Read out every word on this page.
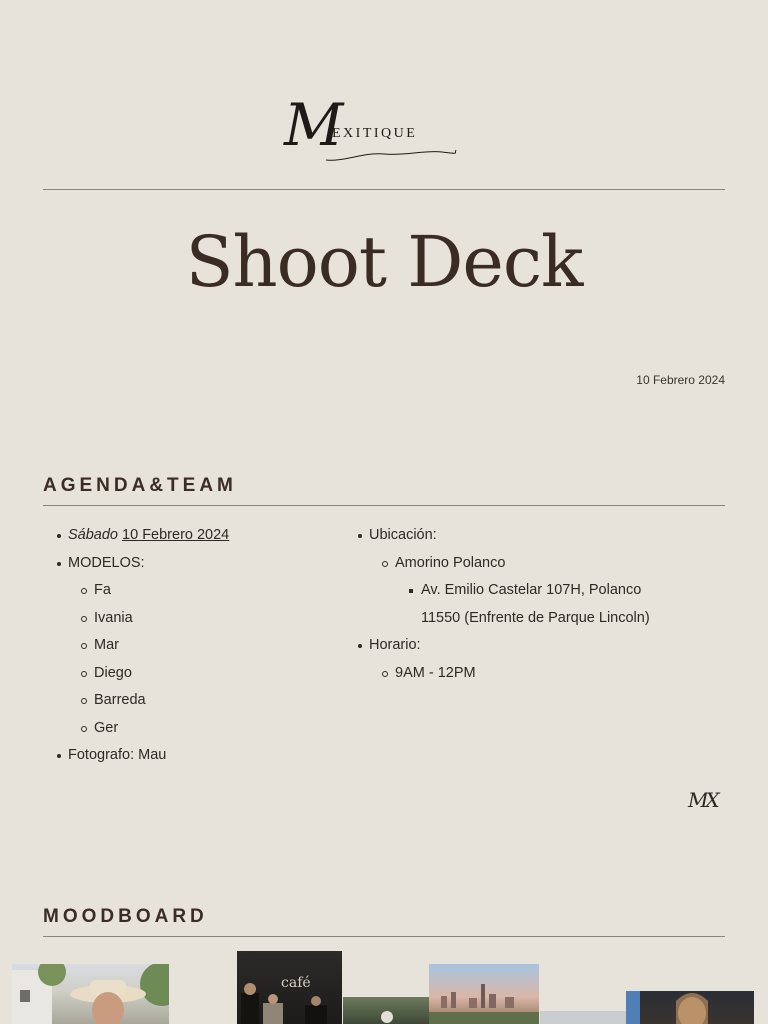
M
EXITIQUE
Shoot Deck
10 Febrero 2024
AGENDA&TEAM
Sábado 10 Febrero 2024
MODELOS:
Fa
Ivania
Mar
Diego
Barreda
Ger
Fotografo: Mau
Ubicación:
Amorino Polanco
Av. Emilio Castelar 107H, Polanco
11550 (Enfrente de Parque Lincoln)
Horario:
9AM - 12PM
MX
MOODBOARD
café
